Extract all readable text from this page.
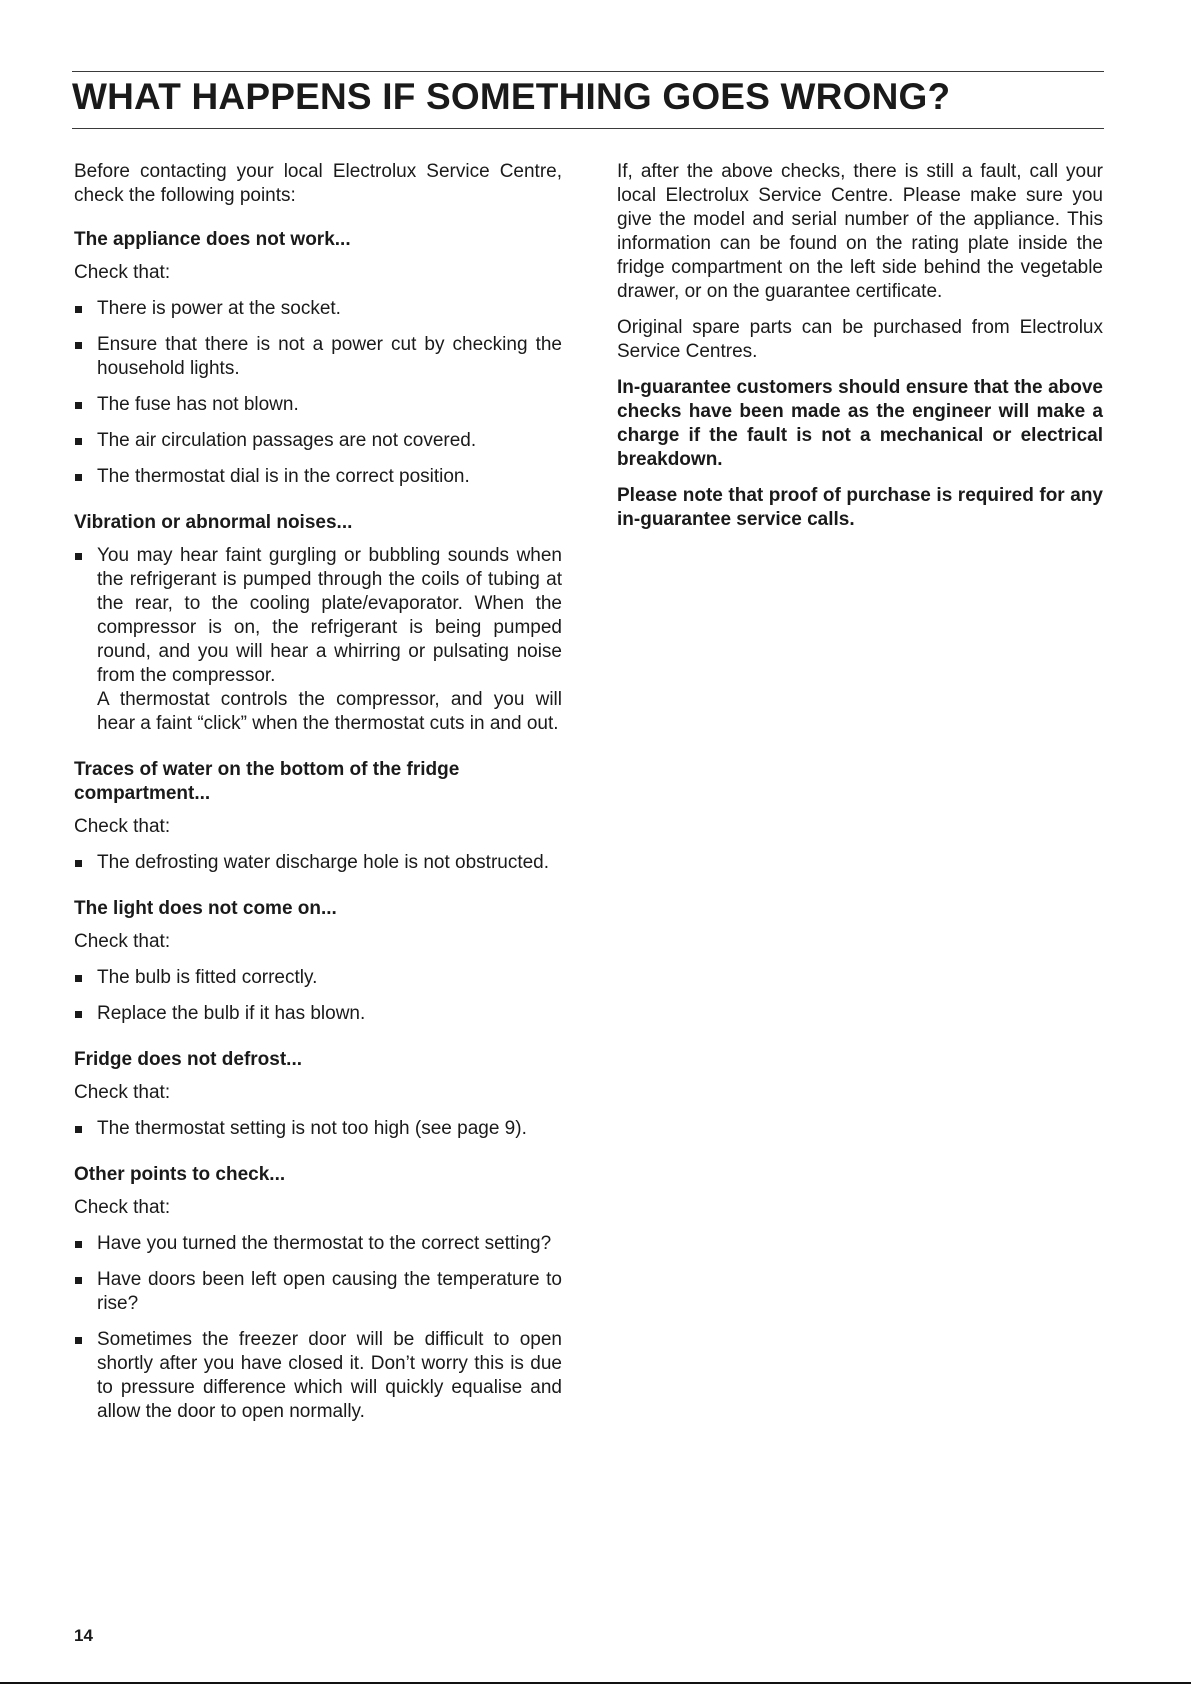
WHAT HAPPENS IF SOMETHING GOES WRONG?

Before contacting your local Electrolux Service Centre, check the following points:

The appliance does not work...

Check that:

There is power at the socket.
Ensure that there is not a power cut by checking the household lights.
The fuse has not blown.
The air circulation passages are not covered.
The thermostat dial is in the correct position.

Vibration or abnormal noises...

You may hear faint gurgling or bubbling sounds when the refrigerant is pumped through the coils of tubing at the rear, to the cooling plate/evaporator. When the compressor is on, the refrigerant is being pumped round, and you will hear a whirring or pulsating noise from the compressor.
A thermostat controls the compressor, and you will hear a faint “click” when the thermostat cuts in and out.

Traces of water on the bottom of the fridge compartment...

Check that:

The defrosting water discharge hole is not obstructed.

The light does not come on...

Check that:

The bulb is fitted correctly.
Replace the bulb if it has blown.

Fridge does not defrost...

Check that:

The thermostat setting is not too high (see page 9).

Other points to check...

Check that:

Have you turned the thermostat to the correct setting?
Have doors been left open causing the temperature to rise?
Sometimes the freezer door will be difficult to open shortly after you have closed it. Don’t worry this is due to pressure difference which will quickly equalise and allow the door to open normally.

If, after the above checks, there is still a fault, call your local Electrolux Service Centre. Please make sure you give the model and serial number of the appliance. This information can be found on the rating plate inside the fridge compartment on the left side behind the vegetable drawer, or on the guarantee certificate.

Original spare parts can be purchased from Electrolux Service Centres.

In-guarantee customers should ensure that the above checks have been made as the engineer will make a charge if the fault is not a mechanical or electrical breakdown.

Please note that proof of purchase is required for any in-guarantee service calls.

14
